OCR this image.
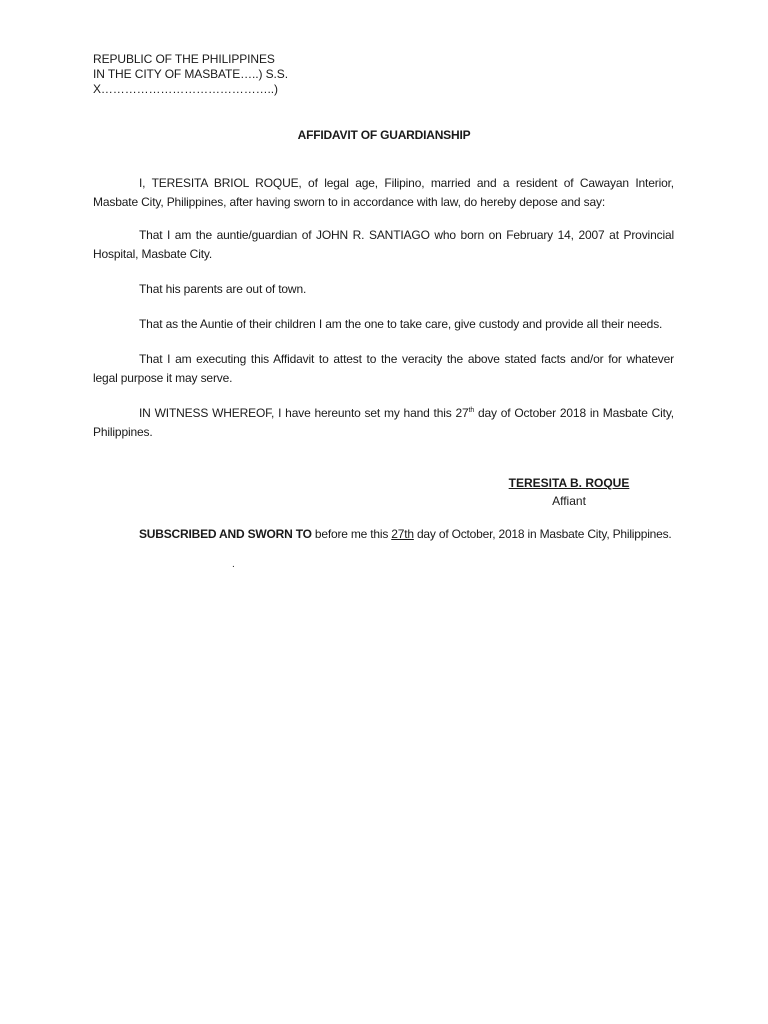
REPUBLIC OF THE PHILIPPINES
IN THE CITY OF MASBATE…..) S.S.
X……………………………………..)
AFFIDAVIT OF GUARDIANSHIP
I, TERESITA BRIOL ROQUE, of legal age, Filipino, married and a resident of Cawayan Interior, Masbate City, Philippines, after having sworn to in accordance with law, do hereby depose and say:
That I am the auntie/guardian of JOHN R. SANTIAGO who born on February 14, 2007 at Provincial Hospital, Masbate City.
That his parents are out of town.
That as the Auntie of their children I am the one to take care, give custody and provide all their needs.
That I am executing this Affidavit to attest to the veracity the above stated facts and/or for whatever legal purpose it may serve.
IN WITNESS WHEREOF, I have hereunto set my hand this 27th day of October 2018 in Masbate City, Philippines.
TERESITA B. ROQUE
Affiant
SUBSCRIBED AND SWORN TO before me this 27th day of October, 2018 in Masbate City, Philippines.
.
